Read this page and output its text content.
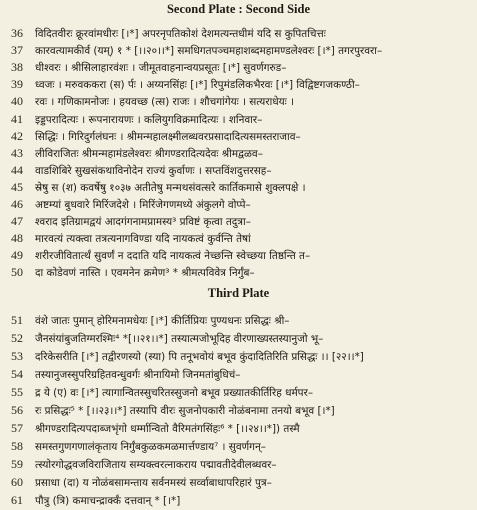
Second Plate : Second Side
36 विदितवीरः क्रूरवांमधीरः [।*] अपरनृपतिकोशं देशमत्यन्तधीमं यदि स कुपितचित्तः
37 कारवत्यामकीर्व (यम्) १ * [।।२०।।*] समधिगतपञ्चमहाशब्दमहामण्डलेश्वरः [।*] तगरपुरवरा–
38 धीश्वरः । श्रीसिलाहारवंशः । जीमूतवाहनान्वयप्रसूतः [।*] सुवर्णगरुड–
39 ध्वजः । मरुवककरा (स) र्पः । अय्यनसिंहः [।*] रिपुमंडलिकभैरवः [।*] विद्विष्टगजकण्ठी–
40 रवः । गणिकामनोजः । हयवच्छ (त्स) राजः । शौचगांगेयः । सत्यराधेयः ।
41 इड्डपरादित्यः । रूपनारायणः । कलियुगविक्रमादित्यः । शनिवार–
42 सिद्धिः । गिरिदुर्गलंघनः । श्रीमन्महालक्ष्मीलब्धवरप्रसादादित्यसमस्तराजाव–
43 लीविराजितः श्रीमन्महामंडलेश्वरः श्रीगण्डरादित्यदेवः श्रीमद्वळव–
44 वाडशिबिरे सुखसंकथाविनोदेन राज्यं कुर्वाणः । सप्तविंशदुत्तरसह–
45 स्रेषु स (श) कवर्षेषु १०३७ अतीतेषु मन्मथसंवत्सरे कार्तिकमासे शुक्लपक्षे ।
46 अष्टम्यां बुधवारे मिरिंजदेशे । मिरिंजेगणमध्ये अंकुलगे वोप्पे–
47 श्वराद इतिग्रामद्वयं आदगंगनामप्रामस्य³ प्रविष्टं कृत्वा तदुत्रा–
48 मारवत्यं त्यक्त्वा तत्रत्यनागविण्डा यदि नायकत्वं कुर्वन्ति तेषां
49 शरीरजीवितार्त्थं सुवर्णं न ददाति यदि नायकत्वं नेच्छन्ति स्वेच्छया तिष्ठन्ति त–
50 दा कोडेवणं नास्ति । एवमनेन क्रमेण³ * श्रीमत्पविवेत्र निर्गुंब–
Third Plate
51 वंशे जातः पुमान् होरिमनामधेयः [।*] कीर्तिप्रियः पुण्यधनः प्रसिद्धः श्री–
52 जैनसंयांबुजतिग्मरश्मिः⁴ *[।।२१।।*] तस्यात्मजोभूदिह वीरणाख्यस्तस्यानुजो भू–
53 दरिकेसरीति [।*] तद्वीरणस्यो (स्या) पि तनूभवोयं बभूव कुंदादितिरिति प्रसिद्धः ।। [२२।।*]
54 तस्यानुजस्सुपरिग्रहितवन्धुवर्गः श्रीनायिमो जिनमतांबुधिचं–
55 द्र ये (ए) वः [।*] त्यागान्वितस्सुचरितस्सुजनो बभूव प्रख्यातकीर्तिरिह धर्मपर–
56 रः प्रसिद्धः⁵ * [।।२३।।*] तस्यापि वीरः सुजनोपकारी नोळंबनामा तनयो बभूव [।*]
57 श्रीगण्डरादित्यपदाब्जभृंगो धर्म्मान्वितो वैरिमतंगसिंहः⁶ * [।।२४।।*]) तस्मै
58 समस्तगुणगणालंकृताय निर्गुंबकुळकमळमार्त्तण्डाय⁷ । सुवर्णगन्–
59 त्स्योरगोद्धवजविराजिताय सम्यक्त्वरत्नाकराय पद्मावतीदेवीलब्धवर–
60 प्रसाधा (दा) य नोळंबसामन्ताय सर्वनमस्यं सर्व्वाबाधापरिहारं पुत्र–
61 पौत्रु (त्रि) कमाचन्द्रार्क्कं दत्तवान् * [।*]
